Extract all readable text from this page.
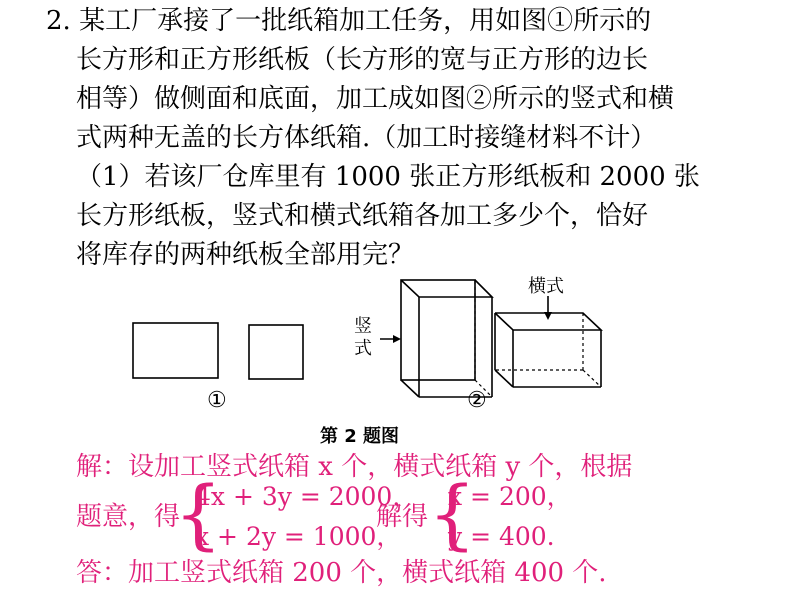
2. 某工厂承接了一批纸箱加工任务，用如图①所示的
长方形和正方形纸板（长方形的宽与正方形的边长
相等）做侧面和底面，加工成如图②所示的竖式和横
式两种无盖的长方体纸箱.（加工时接缝材料不计）
（1）若该厂仓库里有 1000 张正方形纸板和 2000 张
长方形纸板，竖式和横式纸箱各加工多少个，恰好
将库存的两种纸板全部用完？
①	②
竖
式
横式
第 2 题图
解：设加工竖式纸箱 x 个，横式纸箱 y 个，根据
题意，得
{
4x + 3y = 2000，
x + 2y = 1000，
解得 {
x = 200，
y = 400.
答：加工竖式纸箱 200 个，横式纸箱 400 个.
